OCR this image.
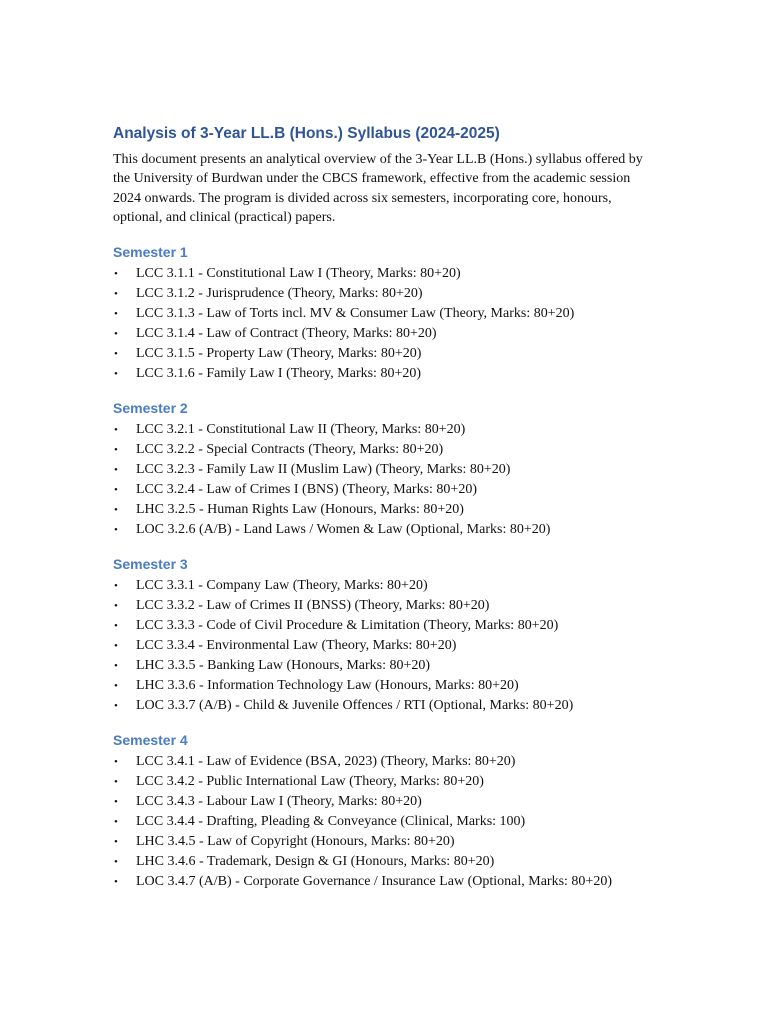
Analysis of 3-Year LL.B (Hons.) Syllabus (2024-2025)

This document presents an analytical overview of the 3-Year LL.B (Hons.) syllabus offered by the University of Burdwan under the CBCS framework, effective from the academic session 2024 onwards. The program is divided across six semesters, incorporating core, honours, optional, and clinical (practical) papers.

Semester 1
• LCC 3.1.1 - Constitutional Law I (Theory, Marks: 80+20)
• LCC 3.1.2 - Jurisprudence (Theory, Marks: 80+20)
• LCC 3.1.3 - Law of Torts incl. MV & Consumer Law (Theory, Marks: 80+20)
• LCC 3.1.4 - Law of Contract (Theory, Marks: 80+20)
• LCC 3.1.5 - Property Law (Theory, Marks: 80+20)
• LCC 3.1.6 - Family Law I (Theory, Marks: 80+20)
Semester 2
• LCC 3.2.1 - Constitutional Law II (Theory, Marks: 80+20)
• LCC 3.2.2 - Special Contracts (Theory, Marks: 80+20)
• LCC 3.2.3 - Family Law II (Muslim Law) (Theory, Marks: 80+20)
• LCC 3.2.4 - Law of Crimes I (BNS) (Theory, Marks: 80+20)
• LHC 3.2.5 - Human Rights Law (Honours, Marks: 80+20)
• LOC 3.2.6 (A/B) - Land Laws / Women & Law (Optional, Marks: 80+20)
Semester 3
• LCC 3.3.1 - Company Law (Theory, Marks: 80+20)
• LCC 3.3.2 - Law of Crimes II (BNSS) (Theory, Marks: 80+20)
• LCC 3.3.3 - Code of Civil Procedure & Limitation (Theory, Marks: 80+20)
• LCC 3.3.4 - Environmental Law (Theory, Marks: 80+20)
• LHC 3.3.5 - Banking Law (Honours, Marks: 80+20)
• LHC 3.3.6 - Information Technology Law (Honours, Marks: 80+20)
• LOC 3.3.7 (A/B) - Child & Juvenile Offences / RTI (Optional, Marks: 80+20)
Semester 4
• LCC 3.4.1 - Law of Evidence (BSA, 2023) (Theory, Marks: 80+20)
• LCC 3.4.2 - Public International Law (Theory, Marks: 80+20)
• LCC 3.4.3 - Labour Law I (Theory, Marks: 80+20)
• LCC 3.4.4 - Drafting, Pleading & Conveyance (Clinical, Marks: 100)
• LHC 3.4.5 - Law of Copyright (Honours, Marks: 80+20)
• LHC 3.4.6 - Trademark, Design & GI (Honours, Marks: 80+20)
• LOC 3.4.7 (A/B) - Corporate Governance / Insurance Law (Optional, Marks: 80+20)
